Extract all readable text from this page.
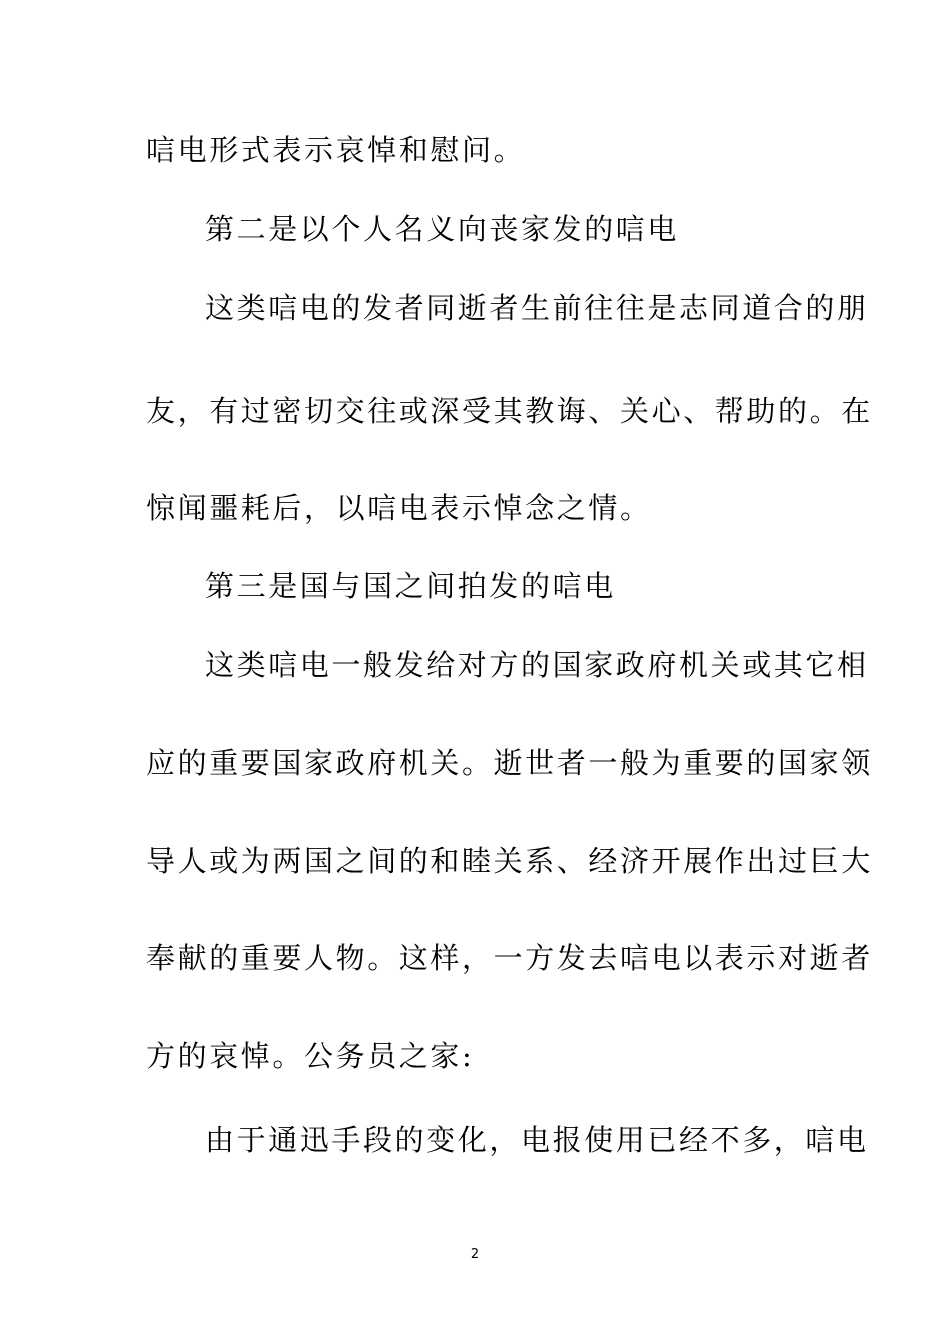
唁电形式表示哀悼和慰问。
第二是以个人名义向丧家发的唁电
这类唁电的发者同逝者生前往往是志同道合的朋
友，有过密切交往或深受其教诲、关心、帮助的。在
惊闻噩耗后，以唁电表示悼念之情。
第三是国与国之间拍发的唁电
这类唁电一般发给对方的国家政府机关或其它相
应的重要国家政府机关。逝世者一般为重要的国家领
导人或为两国之间的和睦关系、经济开展作出过巨大
奉献的重要人物。这样，一方发去唁电以表示对逝者
方的哀悼。公务员之家:
由于通迅手段的变化，电报使用已经不多，唁电
2
